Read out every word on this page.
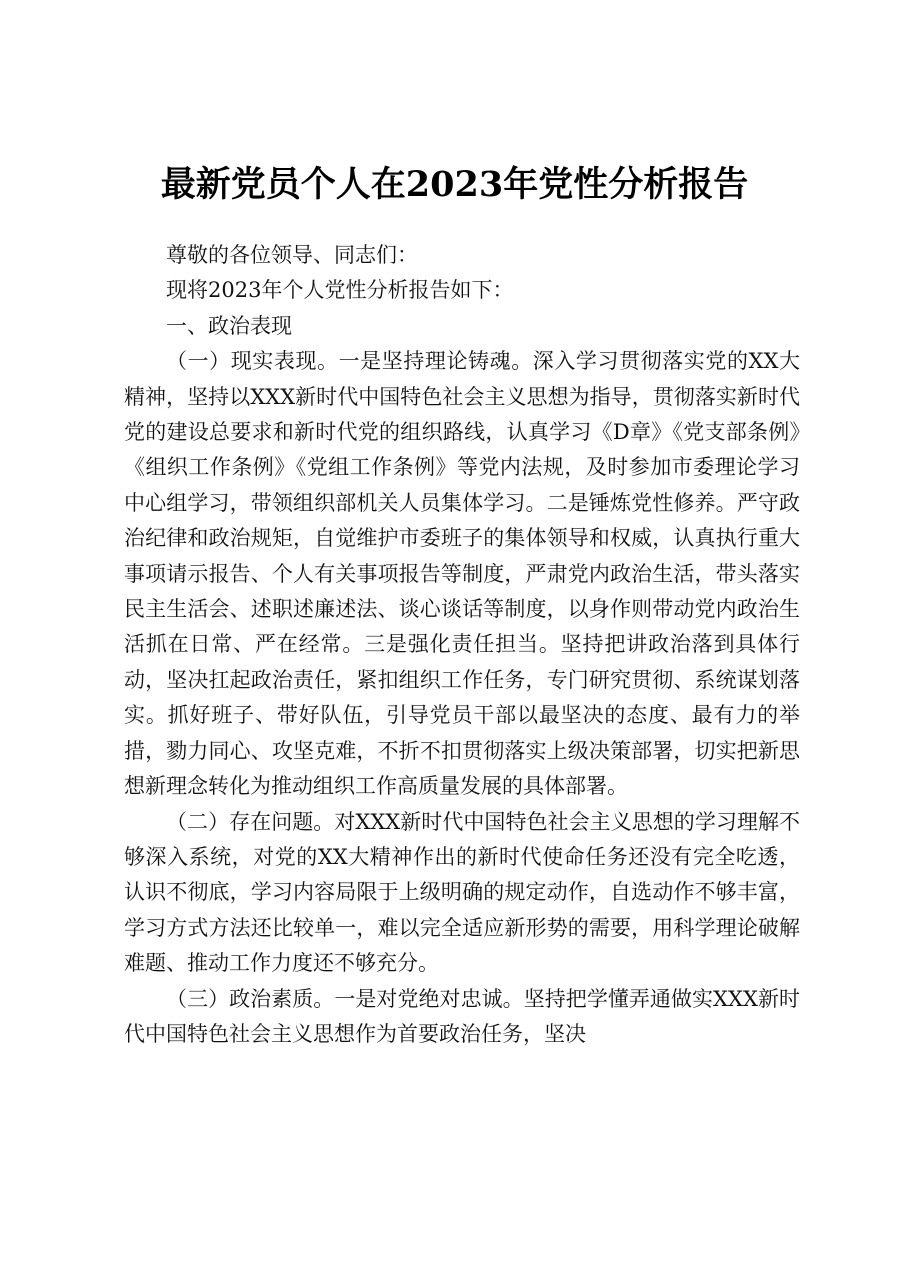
最新党员个人在2023年党性分析报告

尊敬的各位领导、同志们：

现将2023年个人党性分析报告如下：

一、政治表现

（一）现实表现。一是坚持理论铸魂。深入学习贯彻落实党的XX大精神，坚持以XXX新时代中国特色社会主义思想为指导，贯彻落实新时代党的建设总要求和新时代党的组织路线，认真学习《D章》《党支部条例》《组织工作条例》《党组工作条例》等党内法规，及时参加市委理论学习中心组学习，带领组织部机关人员集体学习。二是锤炼党性修养。严守政治纪律和政治规矩，自觉维护市委班子的集体领导和权威，认真执行重大事项请示报告、个人有关事项报告等制度，严肃党内政治生活，带头落实民主生活会、述职述廉述法、谈心谈话等制度，以身作则带动党内政治生活抓在日常、严在经常。三是强化责任担当。坚持把讲政治落到具体行动，坚决扛起政治责任，紧扣组织工作任务，专门研究贯彻、系统谋划落实。抓好班子、带好队伍，引导党员干部以最坚决的态度、最有力的举措，勠力同心、攻坚克难，不折不扣贯彻落实上级决策部署，切实把新思想新理念转化为推动组织工作高质量发展的具体部署。

（二）存在问题。对XXX新时代中国特色社会主义思想的学习理解不够深入系统，对党的XX大精神作出的新时代使命任务还没有完全吃透，认识不彻底，学习内容局限于上级明确的规定动作，自选动作不够丰富，学习方式方法还比较单一，难以完全适应新形势的需要，用科学理论破解难题、推动工作力度还不够充分。

（三）政治素质。一是对党绝对忠诚。坚持把学懂弄通做实XXX新时代中国特色社会主义思想作为首要政治任务，坚决
